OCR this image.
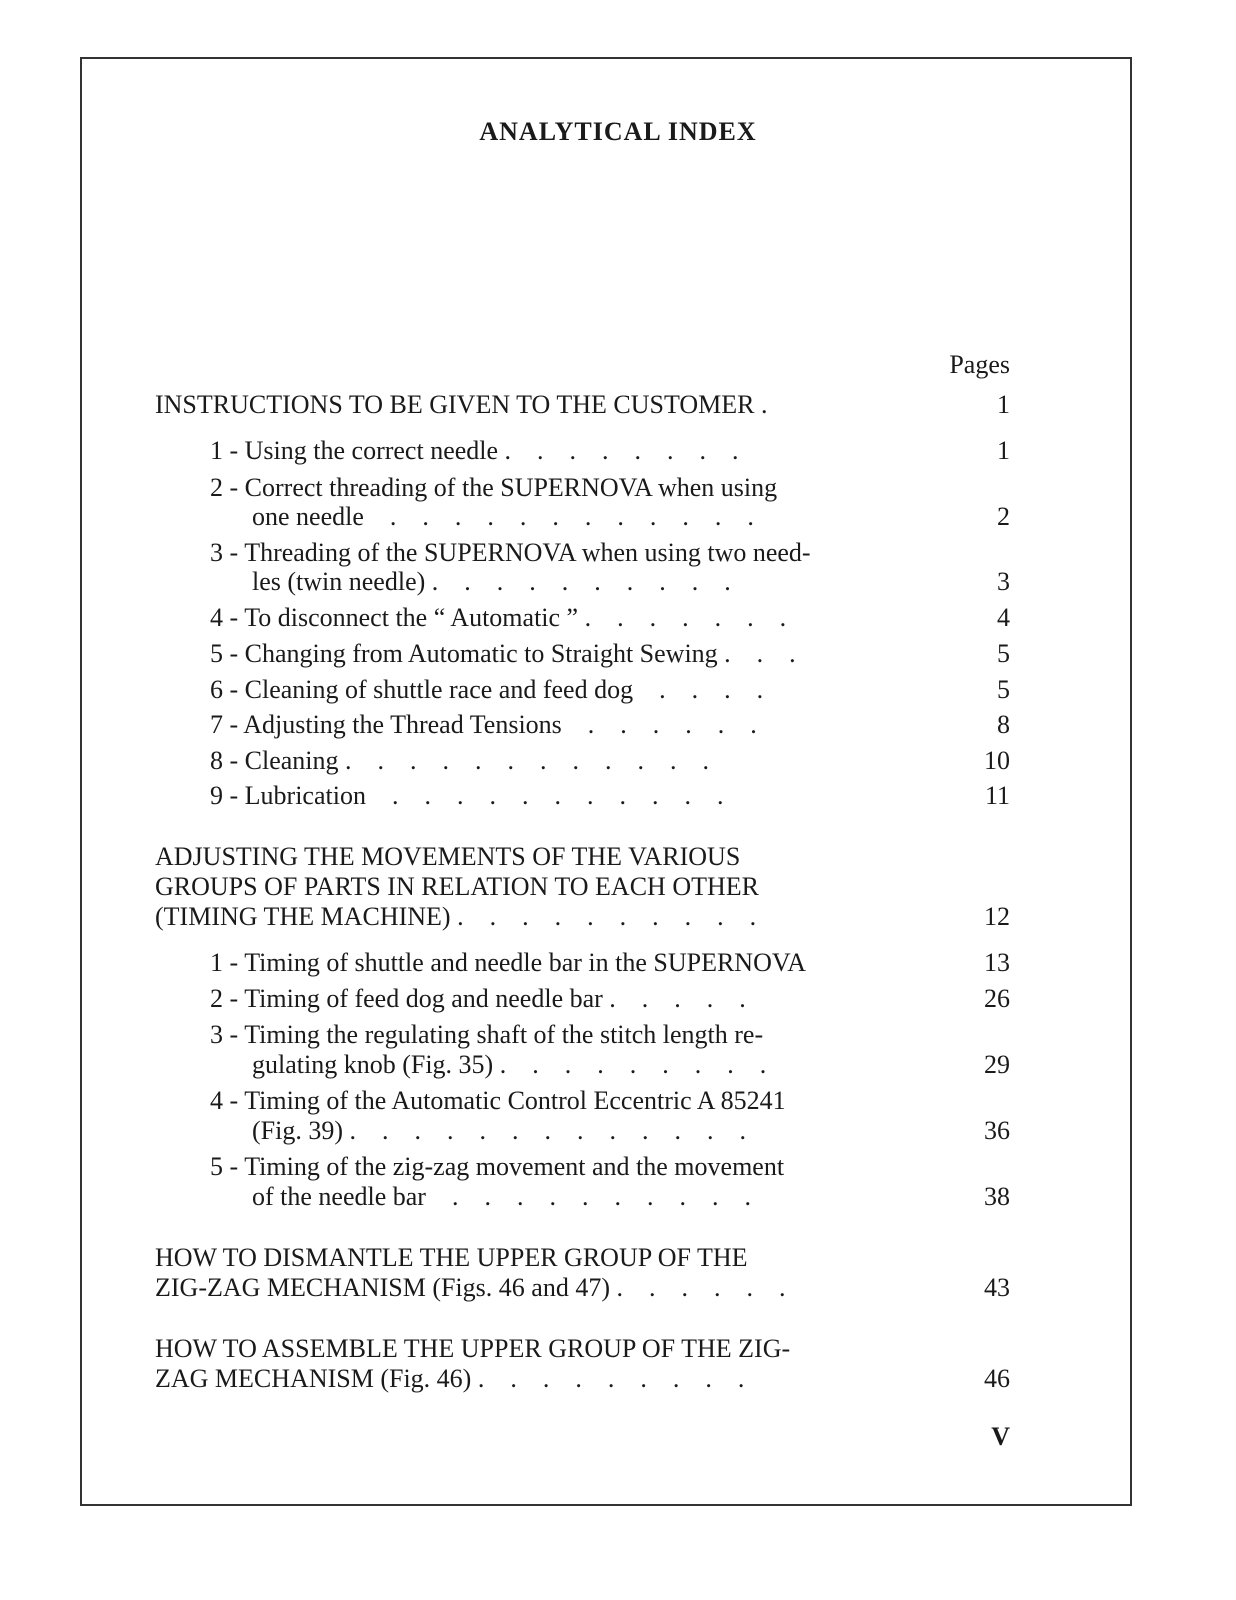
ANALYTICAL INDEX
Pages
INSTRUCTIONS TO BE GIVEN TO THE CUSTOMER .	1
1 - Using the correct needle .    .    .    .    .    .    .    .	1
2 - Correct threading of the SUPERNOVA when using
one needle    .    .    .    .    .    .    .    .    .    .    .    .	2
3 - Threading of the SUPERNOVA when using two need-
les (twin needle) .    .    .    .    .    .    .    .    .    .	3
4 - To disconnect the “ Automatic ” .    .    .    .    .    .    .	4
5 - Changing from Automatic to Straight Sewing .    .    .	5
6 - Cleaning of shuttle race and feed dog    .    .    .    .	5
7 - Adjusting the Thread Tensions    .    .    .    .    .    .	8
8 - Cleaning .    .    .    .    .    .    .    .    .    .    .    .	10
9 - Lubrication    .    .    .    .    .    .    .    .    .    .    .	11
ADJUSTING THE MOVEMENTS OF THE VARIOUS
GROUPS OF PARTS IN RELATION TO EACH OTHER
(TIMING THE MACHINE) .    .    .    .    .    .    .    .    .    .	12
1 - Timing of shuttle and needle bar in the SUPERNOVA	13
2 - Timing of feed dog and needle bar .    .    .    .    .	26
3 - Timing the regulating shaft of the stitch length re-
gulating knob (Fig. 35) .    .    .    .    .    .    .    .    .	29
4 - Timing of the Automatic Control Eccentric A 85241
(Fig. 39) .    .    .    .    .    .    .    .    .    .    .    .    .	36
5 - Timing of the zig-zag movement and the movement
of the needle bar    .    .    .    .    .    .    .    .    .    .	38
HOW TO DISMANTLE THE UPPER GROUP OF THE
ZIG-ZAG MECHANISM (Figs. 46 and 47) .    .    .    .    .    .	43
HOW TO ASSEMBLE THE UPPER GROUP OF THE ZIG-
ZAG MECHANISM (Fig. 46) .    .    .    .    .    .    .    .    .	46
V
